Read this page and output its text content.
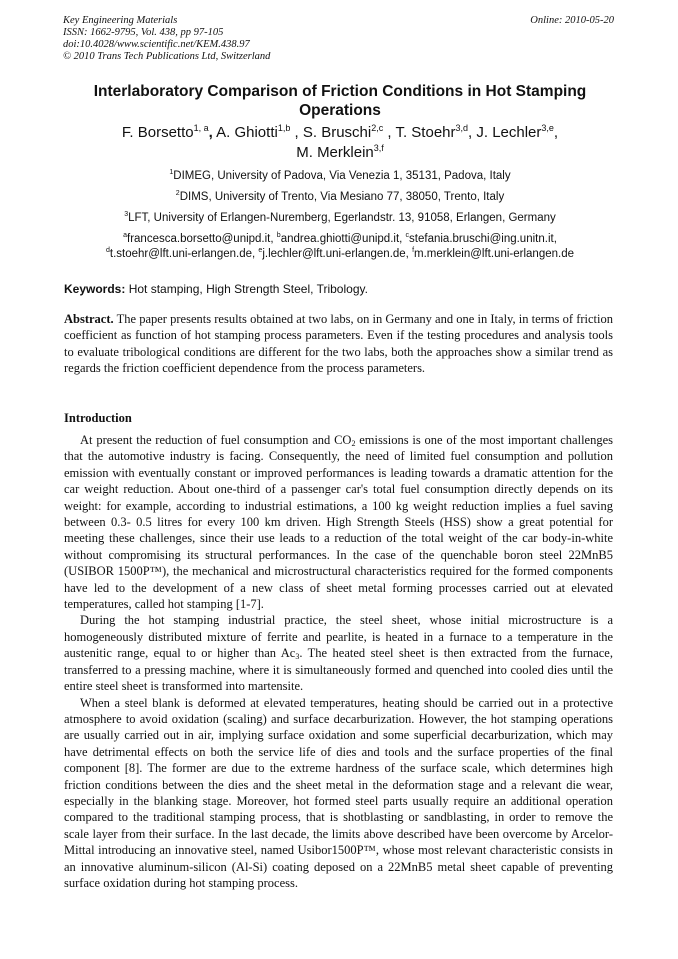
Key Engineering Materials
ISSN: 1662-9795, Vol. 438, pp 97-105
doi:10.4028/www.scientific.net/KEM.438.97
© 2010 Trans Tech Publications Ltd, Switzerland
Online: 2010-05-20
Interlaboratory Comparison of Friction Conditions in Hot Stamping Operations
F. Borsetto$^{1, a}$, A. Ghiotti$^{1,b}$ , S. Bruschi$^{2,c}$ , T. Stoehr$^{3,d}$, J. Lechler$^{3,e}$,
M. Merklein$^{3,f}$
$^1$DIMEG, University of Padova, Via Venezia 1, 35131, Padova, Italy
$^2$DIMS, University of Trento, Via Mesiano 77, 38050, Trento, Italy
$^3$LFT, University of Erlangen-Nuremberg, Egerlandstr. 13, 91058, Erlangen, Germany
$^a$francesca.borsetto@unipd.it, $^b$andrea.ghiotti@unipd.it, $^c$stefania.bruschi@ing.unitn.it,
$^d$t.stoehr@lft.uni-erlangen.de, $^e$j.lechler@lft.uni-erlangen.de, $^f$m.merklein@lft.uni-erlangen.de
Keywords: Hot stamping, High Strength Steel, Tribology.

Abstract. The paper presents results obtained at two labs, on in Germany and one in Italy, in terms of friction coefficient as function of hot stamping process parameters. Even if the testing procedures and analysis tools to evaluate tribological conditions are different for the two labs, both the approaches show a similar trend as regards the friction coefficient dependence from the process parameters.

Introduction

At present the reduction of fuel consumption and $CO_2$ emissions is one of the most important challenges that the automotive industry is facing. Consequently, the need of limited fuel consumption and pollution emission with eventually constant or improved performances is leading towards a dramatic attention for the car weight reduction. About one-third of a passenger car's total fuel consumption directly depends on its weight: for example, according to industrial estimations, a 100 kg weight reduction implies a fuel saving between 0.3- 0.5 litres for every 100 km driven. High Strength Steels (HSS) show a great potential for meeting these challenges, since their use leads to a reduction of the total weight of the car body-in-white without compromising its structural performances. In the case of the quenchable boron steel 22MnB5 (USIBOR 1500P™), the mechanical and microstructural characteristics required for the formed components have led to the development of a new class of sheet metal forming processes carried out at elevated temperatures, called hot stamping [1-7].

During the hot stamping industrial practice, the steel sheet, whose initial microstructure is a homogeneously distributed mixture of ferrite and pearlite, is heated in a furnace to a temperature in the austenitic range, equal to or higher than $Ac_3$. The heated steel sheet is then extracted from the furnace, transferred to a pressing machine, where it is simultaneously formed and quenched into cooled dies until the entire steel sheet is transformed into martensite.

When a steel blank is deformed at elevated temperatures, heating should be carried out in a protective atmosphere to avoid oxidation (scaling) and surface decarburization. However, the hot stamping operations are usually carried out in air, implying surface oxidation and some superficial decarburization, which may have detrimental effects on both the service life of dies and tools and the surface properties of the final component [8]. The former are due to the extreme hardness of the surface scale, which determines high friction conditions between the dies and the sheet metal in the deformation stage and a relevant die wear, especially in the blanking stage. Moreover, hot formed steel parts usually require an additional operation compared to the traditional stamping process, that is shotblasting or sandblasting, in order to remove the scale layer from their surface. In the last decade, the limits above described have been overcome by Arcelor-Mittal introducing an innovative steel, named Usibor1500P™, whose most relevant characteristic consists in an innovative aluminum-silicon (Al-Si) coating deposed on a 22MnB5 metal sheet capable of preventing surface oxidation during hot stamping process.
